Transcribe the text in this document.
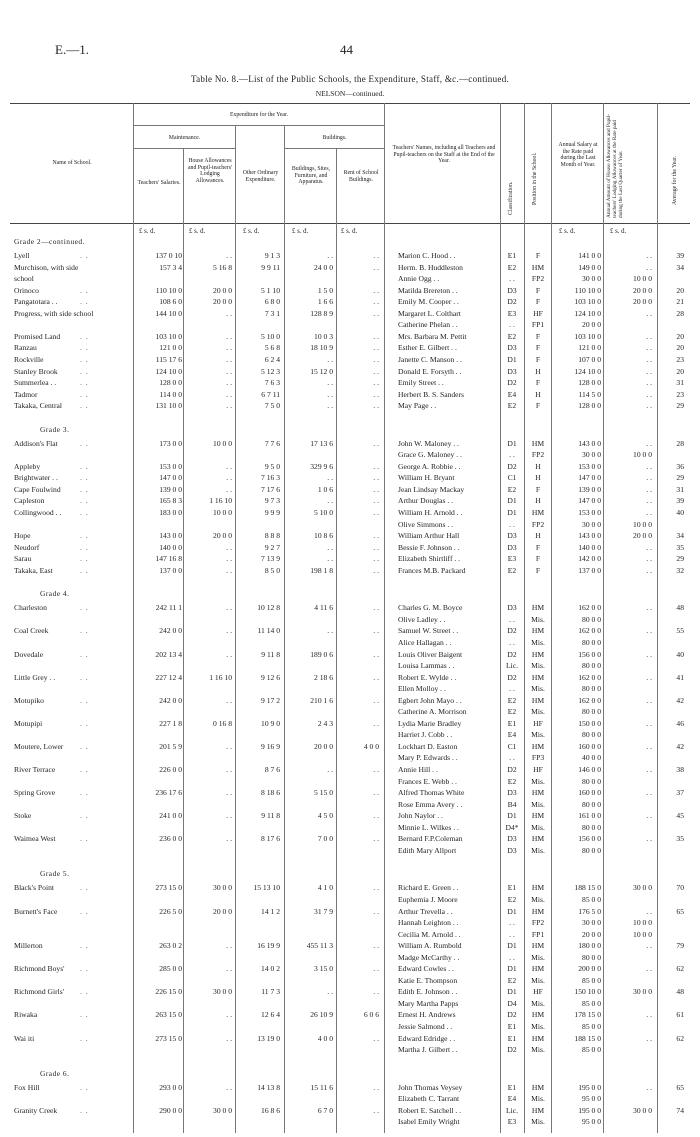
E.—1.	44
Table No. 8.—List of the Public Schools, the Expenditure, Staff, &c.—continued.
NELSON—continued.
Name of School.
Expenditure for the Year.
Maintenance.	Buildings.
Teachers' Salaries.
House Allowances and Pupil-teachers' Lodging Allowances.
Other Ordinary Expenditure.
Buildings, Sites, Furniture, and Apparatus.
Rent of School Buildings.
Teachers' Names, including all Teachers and Pupil-teachers on the Staff at the End of the Year.
Classification.	Position in the School.
Annual Salary at the Rate paid during the Last Month of Year.	Annual Amount of House Allowances and Pupil-teachers' Lodging Allowances at the Rate paid during the Last Quarter of Year.	Average for the Year.
£ s. d.	£ s. d.	£ s. d.	£ s. d.	£ s. d.	£ s. d.	£ s. d.
Grade 2—continued.
Lyell	. .	137 0 10	. .	9 1 3	. .	. .	Marion C. Hood . .	E1	F	141 0 0	. .	39
Murchison, with side	157 3 4	5 16 8	9 9 11	24 0 0	. .	Herm. B. Huddleston	E2	HM	149 0 0	. .	34
school	Annie Ogg . .	. .	FP2	30 0 0	10 0 0
Orinoco	. .	110 10 0	20 0 0	5 1 10	1 5 0	. .	Matilda Brereton . .	D3	F	110 10 0	20 0 0	20
Pangatotara . .	. .	108 6 0	20 0 0	6 8 0	1 6 6	. .	Emily M. Cooper . .	D2	F	103 10 0	20 0 0	21
Progress, with side school	144 10 0	. .	7 3 1	128 8 9	. .	Margaret L. Colthart	E3	HF	124 10 0	. .	28
Catherine Phelan . .	. .	FP1	20 0 0
Promised Land	. .	103 10 0	. .	5 10 0	10 0 3	. .	Mrs. Barbara M. Pettit	E2	F	103 10 0	. .	20
Ranzau	. .	121 0 0	. .	5 6 8	18 10 9	. .	Esther E. Gilbert . .	D3	F	121 0 0	. .	20
Rockville	. .	115 17 6	. .	6 2 4	. .	. .	Janette C. Manson . .	D1	F	107 0 0	. .	23
Stanley Brook	. .	124 10 0	. .	5 12 3	15 12 0	. .	Donald E. Forsyth . .	D3	H	124 10 0	. .	20
Summerlea . .	. .	128 0 0	. .	7 6 3	. .	. .	Emily Street . .	D2	F	128 0 0	. .	31
Tadmor	. .	114 0 0	. .	6 7 11	. .	. .	Herbert B. S. Sanders	E4	H	114 5 0	. .	23
Takaka, Central . .	131 10 0	. .	7 5 0	. .	. .	May Page . .	E2	F	128 0 0	. .	29
Grade 3.
Addison's Flat	. .	173 0 0	10 0 0	7 7 6	17 13 6	. .	John W. Maloney . .	D1	HM	143 0 0	. .	28
Grace G. Maloney . .	. .	FP2	30 0 0	10 0 0
Appleby	. .	153 0 0	. .	9 5 0	329 9 6	. .	George A. Robbie . .	D2	H	153 0 0	. .	36
Brightwater . .	. .	147 0 0	. .	7 16 3	. .	. .	William H. Bryant	C1	H	147 0 0	. .	29
Cape Foulwind	. .	139 0 0	. .	7 17 6	1 0 6	. .	Jean Lindsay Mackay	E2	F	139 0 0	. .	31
Capleston	. .	165 8 3	1 16 10	9 7 3	. .	. .	Arthur Douglas . .	D1	H	147 0 0	. .	39
Collingwood . . . .	183 0 0	10 0 0	9 9 9	5 10 0	. .	William H. Arnold . .	D1	HM	153 0 0	. .	40
Olive Simmons . .	. .	FP2	30 0 0	10 0 0
Hope	. .	143 0 0	20 0 0	8 8 8	10 8 6	. .	William Arthur Hall	D3	H	143 0 0	20 0 0	34
Neudorf	. .	140 0 0	. .	9 2 7	. .	. .	Bessie F. Johnson . .	D3	F	140 0 0	. .	35
Sarau	. .	147 16 8	. .	7 13 9	. .	. .	Elizabeth Shirtliff . .	E3	F	142 0 0	. .	29
Takaka, East	. .	137 0 0	. .	8 5 0	198 1 8	. .	Frances M.B. Packard	E2	F	137 0 0	. .	32
Grade 4.
Charleston	. .	242 11 1	. .	10 12 8	4 11 6	. .	Charles G. M. Boyce	D3	HM	162 0 0	. .	48
Olive Ladley . .	. .	Mis.	80 0 0
Coal Creek	. .	242 0 0	. .	11 14 0	. .	. .	Samuel W. Street . .	D2	HM	162 0 0	. .	55
Alice Hallagan . .	. .	Mis.	80 0 0
Dovedale	. .	202 13 4	. .	9 11 8	189 0 6	. .	Louis Oliver Baigent	D2	HM	156 0 0	. .	40
Louisa Lammas . .	Lic.	Mis.	80 0 0
Little Grey . .	. .	227 12 4	1 16 10	9 12 6	2 18 6	. .	Robert E. Wylde . .	D2	HM	162 0 0	. .	41
Ellen Molloy . .	. .	Mis.	80 0 0
Motupiko	. .	242 0 0	. .	9 17 2	210 1 6	. .	Egbert John Mayo . .	E2	HM	162 0 0	. .	42
Catherine A. Morrison	E2	Mis.	80 0 0
Motupipi	. .	227 1 8	0 16 8	10 9 0	2 4 3	. .	Lydia Marie Bradley	E1	HF	150 0 0	. .	46
Harriet J. Cobb . .	E4	Mis.	80 0 0
Moutere, Lower . .	201 5 9	. .	9 16 9	20 0 0	4 0 0	Lockhart D. Easton	C1	HM	160 0 0	. .	42
Mary P. Edwards . .	. .	FP3	40 0 0
River Terrace	. .	226 0 0	. .	8 7 6	. .	. .	Annie Hill . .	D2	HF	146 0 0	. .	38
Frances E. Webb . .	E2	Mis.	80 0 0
Spring Grove	. .	236 17 6	. .	8 18 6	5 15 0	. .	Alfred Thomas White	D3	HM	160 0 0	. .	37
Rose Emma Avery . .	B4	Mis.	80 0 0
Stoke	. .	241 0 0	. .	9 11 8	4 5 0	. .	John Naylor . .	D1	HM	161 0 0	. .	45
Minnie L. Wilkes . .	D4*	Mis.	80 0 0
Waimea West	. .	236 0 0	. .	8 17 6	7 0 0	. .	Bernard F.P.Coleman	D3	HM	156 0 0	. .	35
Edith Mary Allport	D3	Mis.	80 0 0
Grade 5.
Black's Point	. .	273 15 0	30 0 0	15 13 10	4 1 0	. .	Richard E. Green . .	E1	HM	188 15 0	30 0 0	70
Euphemia J. Moore	E2	Mis.	85 0 0
Burnett's Face	. .	226 5 0	20 0 0	14 1 2	31 7 9	. .	Arthur Trevella . .	D1	HM	176 5 0	. .	65
Hannah Leighton . .	. .	FP2	30 0 0	10 0 0
Cecilia M. Arnold . .	. .	FP1	20 0 0	10 0 0
Millerton	. .	263 0 2	. .	16 19 9	455 11 3	. .	William A. Rumbold	D1	HM	180 0 0	. .	79
Madge McCarthy . .	. .	Mis.	80 0 0
Richmond Boys' . .	285 0 0	. .	14 0 2	3 15 0	. .	Edward Cowles . .	D1	HM	200 0 0	. .	62
Katie E. Thompson	E2	Mis.	85 0 0
Richmond Girls' . .	226 15 0	30 0 0	11 7 3	. .	. .	Edith E. Johnson . .	D1	HF	150 10 0	30 0 0	48
Mary Martha Papps	D4	Mis.	85 0 0
Riwaka	. .	263 15 0	. .	12 6 4	26 10 9	6 0 6	Ernest H. Andrews	D2	HM	178 15 0	. .	61
Jessie Salmond . .	E1	Mis.	85 0 0
Wai iti	. .	273 15 0	. .	13 19 0	4 0 0	. .	Edward Edridge . .	E1	HM	188 15 0	. .	62
Martha J. Gilbert . .	D2	Mis.	85 0 0
Grade 6.
Fox Hill	. .	293 0 0	. .	14 13 8	15 11 6	. .	John Thomas Veysey	E1	HM	195 0 0	. .	65
Elizabeth C. Tarrant	E4	Mis.	95 0 0
Granity Creek	. .	290 0 0	30 0 0	16 8 6	6 7 0	. .	Robert E. Satchell . .	Lic.	HM	195 0 0	30 0 0	74
Isabel Emily Wright	E3	Mis.	95 0 0
